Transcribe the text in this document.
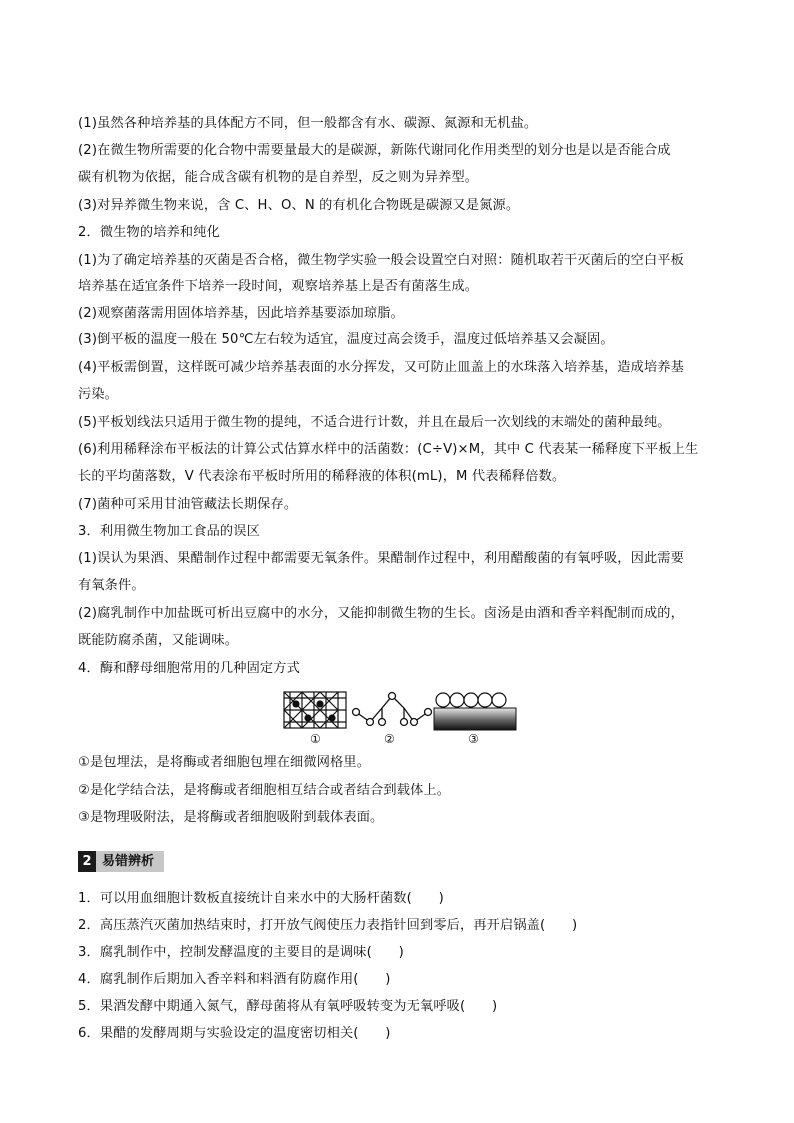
(1)虽然各种培养基的具体配方不同，但一般都含有水、碳源、氮源和无机盐。
(2)在微生物所需要的化合物中需要量最大的是碳源，新陈代谢同化作用类型的划分也是以是否能合成
碳有机物为依据，能合成含碳有机物的是自养型，反之则为异养型。
(3)对异养微生物来说，含 C、H、O、N 的有机化合物既是碳源又是氮源。
2．微生物的培养和纯化
(1)为了确定培养基的灭菌是否合格，微生物学实验一般会设置空白对照：随机取若干灭菌后的空白平板
培养基在适宜条件下培养一段时间，观察培养基上是否有菌落生成。
(2)观察菌落需用固体培养基，因此培养基要添加琼脂。
(3)倒平板的温度一般在 50℃左右较为适宜，温度过高会烫手，温度过低培养基又会凝固。
(4)平板需倒置，这样既可减少培养基表面的水分挥发，又可防止皿盖上的水珠落入培养基，造成培养基
污染。
(5)平板划线法只适用于微生物的提纯，不适合进行计数，并且在最后一次划线的末端处的菌种最纯。
(6)利用稀释涂布平板法的计算公式估算水样中的活菌数：(C÷V)×M，其中 C 代表某一稀释度下平板上生
长的平均菌落数，V 代表涂布平板时所用的稀释液的体积(mL)，M 代表稀释倍数。
(7)菌种可采用甘油管藏法长期保存。
3．利用微生物加工食品的误区
(1)误认为果酒、果醋制作过程中都需要无氧条件。果醋制作过程中，利用醋酸菌的有氧呼吸，因此需要
有氧条件。
(2)腐乳制作中加盐既可析出豆腐中的水分，又能抑制微生物的生长。卤汤是由酒和香辛料配制而成的，
既能防腐杀菌，又能调味。
4．酶和酵母细胞常用的几种固定方式
①	②	③
①是包埋法，是将酶或者细胞包埋在细微网格里。
②是化学结合法，是将酶或者细胞相互结合或者结合到载体上。
③是物理吸附法，是将酶或者细胞吸附到载体表面。
2 易错辨析
1．可以用血细胞计数板直接统计自来水中的大肠杆菌数(　　)
2．高压蒸汽灭菌加热结束时，打开放气阀使压力表指针回到零后，再开启锅盖(　　)
3．腐乳制作中，控制发酵温度的主要目的是调味(　　)
4．腐乳制作后期加入香辛料和料酒有防腐作用(　　)
5．果酒发酵中期通入氮气，酵母菌将从有氧呼吸转变为无氧呼吸(　　)
6．果醋的发酵周期与实验设定的温度密切相关(　　)
